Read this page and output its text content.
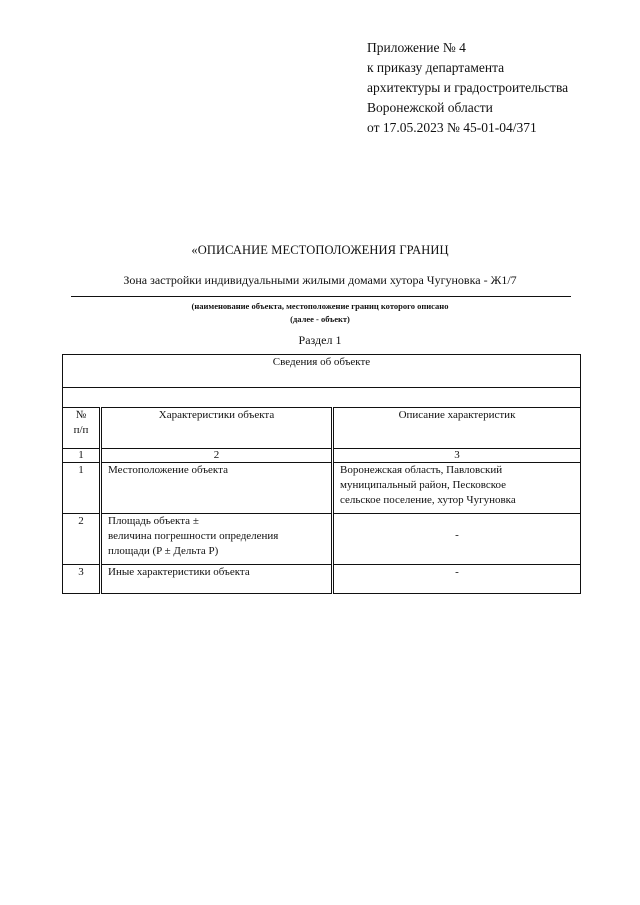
Приложение № 4
к приказу департамента
архитектуры и градостроительства
Воронежской области
от 17.05.2023 № 45-01-04/371
«ОПИСАНИЕ МЕСТОПОЛОЖЕНИЯ ГРАНИЦ
Зона застройки индивидуальными жилыми домами хутора Чугуновка - Ж1/7
(наименование объекта, местоположение границ которого описано
(далее - объект)
Раздел 1
Сведения об объекте		

№
п/п	Характеристики объекта	Описание характеристик
1	2	3
1	Местоположение объекта	Воронежская область, Павловский
муниципальный район, Песковское
сельское поселение, хутор Чугуновка

2	Площадь объекта ±
величина погрешности определения
площади (P ± Дельта P)	-

3	Иные характеристики объекта	-
